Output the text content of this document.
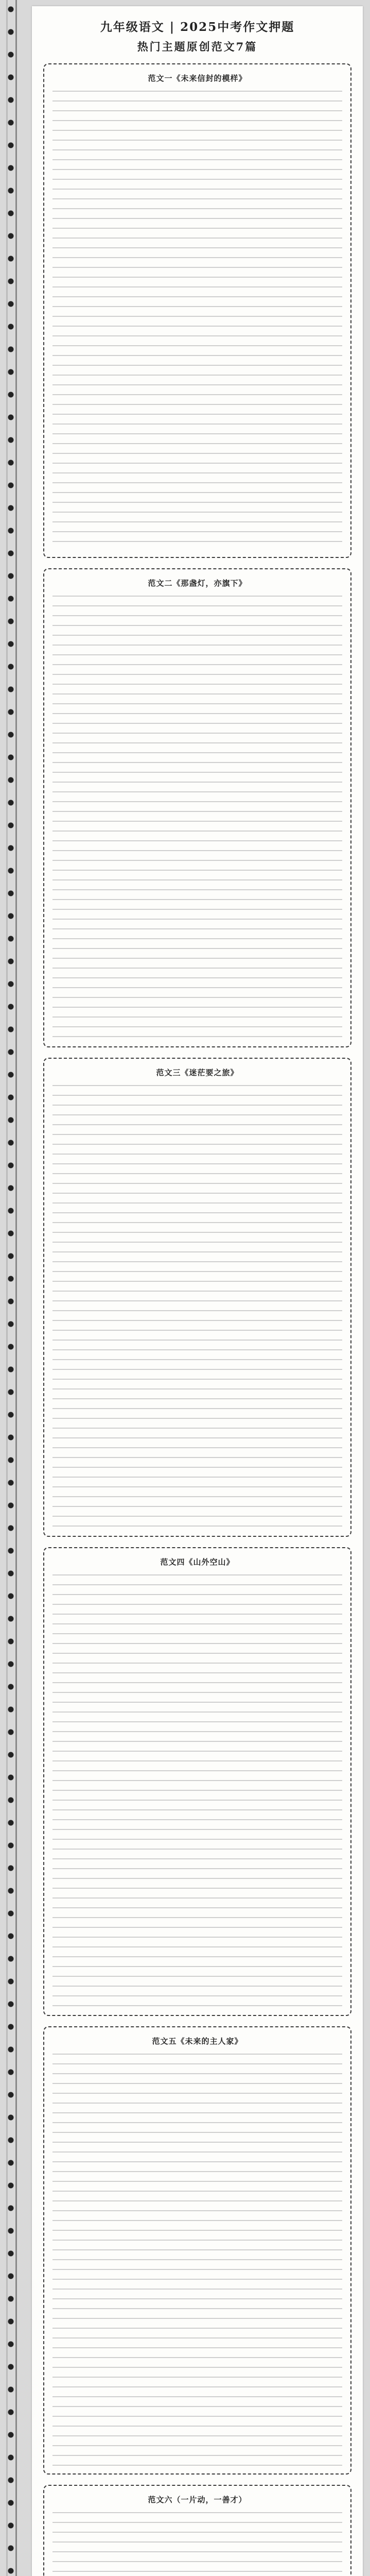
九年级语文 | 2025中考作文押题
热门主题原创范文7篇
范文一《未来信封的模样》
范文二《那盏灯，亦旗下》
范文三《迷茫要之旅》
范文四《山外空山》
范文五《未来的主人家》
范文六（一片动，一善才）
